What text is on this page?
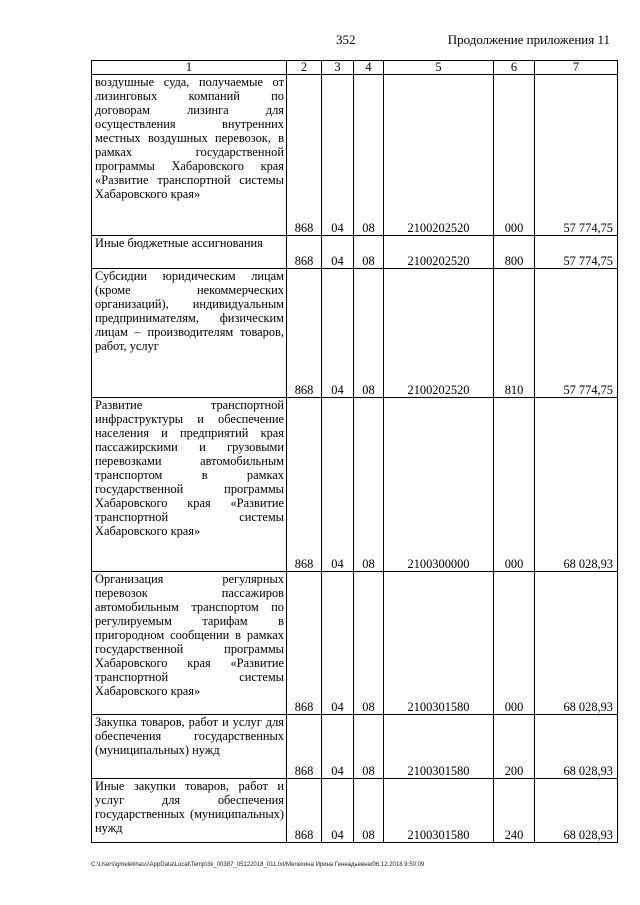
352	Продолжение приложения 11
1	2	3	4	5	6	7
воздушные суда, получаемые от лизинговых компаний по договорам лизинга для осуществления внутренних местных воздушных перевозок, в рамках государственной программы Хабаровского края «Развитие транспортной системы Хабаровского края»	868	04	08	2100202520	000	57 774,75
Иные бюджетные ассигнования	868	04	08	2100202520	800	57 774,75
Субсидии юридическим лицам (кроме некоммерческих организаций), индивидуальным предпринимателям, физическим лицам – производителям товаров, работ, услуг	868	04	08	2100202520	810	57 774,75
Развитие транспортной инфраструктуры и обеспечение населения и предприятий края пассажирскими и грузовыми перевозками автомобильным транспортом в рамках государственной программы Хабаровского края «Развитие транспортной системы Хабаровского края»	868	04	08	2100300000	000	68 028,93
Организация регулярных перевозок пассажиров автомобильным транспортом по регулируемым тарифам в пригородном сообщении в рамках государственной программы Хабаровского края «Развитие транспортной системы Хабаровского края»	868	04	08	2100301580	000	68 028,93
Закупка товаров, работ и услуг для обеспечения государственных (муниципальных) нужд	868	04	08	2100301580	200	68 028,93
Иные закупки товаров, работ и услуг для обеспечения государственных (муниципальных) нужд	868	04	08	2100301580	240	68 028,93
C:\Users\gmelekhass\AppData\Local\Temp\3k_00387_05122018_011.txt/Мелехина Ирина Геннадьевна/06.12.2018 9:50:09
